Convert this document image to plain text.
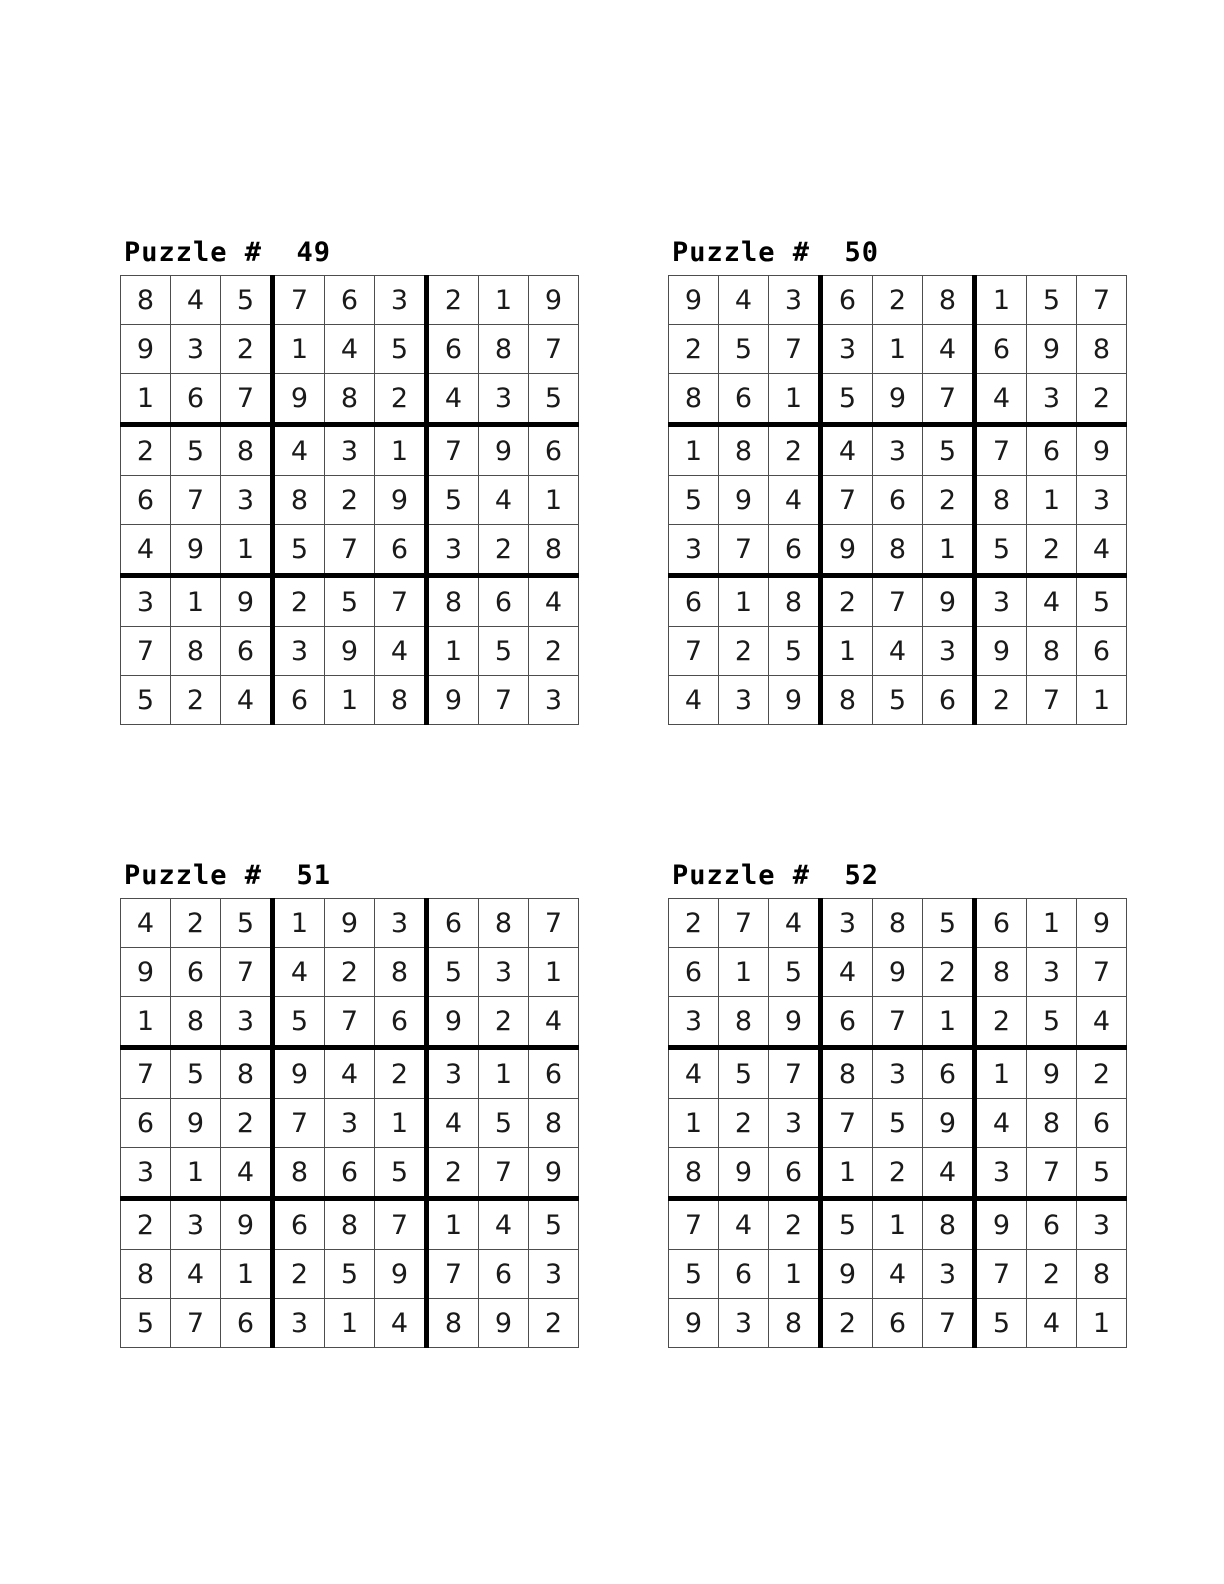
Puzzle #  49
8	4	5	7	6	3	2	1	9
9	3	2	1	4	5	6	8	7
1	6	7	9	8	2	4	3	5
2	5	8	4	3	1	7	9	6
6	7	3	8	2	9	5	4	1
4	9	1	5	7	6	3	2	8
3	1	9	2	5	7	8	6	4
7	8	6	3	9	4	1	5	2
5	2	4	6	1	8	9	7	3
Puzzle #  50
9	4	3	6	2	8	1	5	7
2	5	7	3	1	4	6	9	8
8	6	1	5	9	7	4	3	2
1	8	2	4	3	5	7	6	9
5	9	4	7	6	2	8	1	3
3	7	6	9	8	1	5	2	4
6	1	8	2	7	9	3	4	5
7	2	5	1	4	3	9	8	6
4	3	9	8	5	6	2	7	1
Puzzle #  51
4	2	5	1	9	3	6	8	7
9	6	7	4	2	8	5	3	1
1	8	3	5	7	6	9	2	4
7	5	8	9	4	2	3	1	6
6	9	2	7	3	1	4	5	8
3	1	4	8	6	5	2	7	9
2	3	9	6	8	7	1	4	5
8	4	1	2	5	9	7	6	3
5	7	6	3	1	4	8	9	2
Puzzle #  52
2	7	4	3	8	5	6	1	9
6	1	5	4	9	2	8	3	7
3	8	9	6	7	1	2	5	4
4	5	7	8	3	6	1	9	2
1	2	3	7	5	9	4	8	6
8	9	6	1	2	4	3	7	5
7	4	2	5	1	8	9	6	3
5	6	1	9	4	3	7	2	8
9	3	8	2	6	7	5	4	1
